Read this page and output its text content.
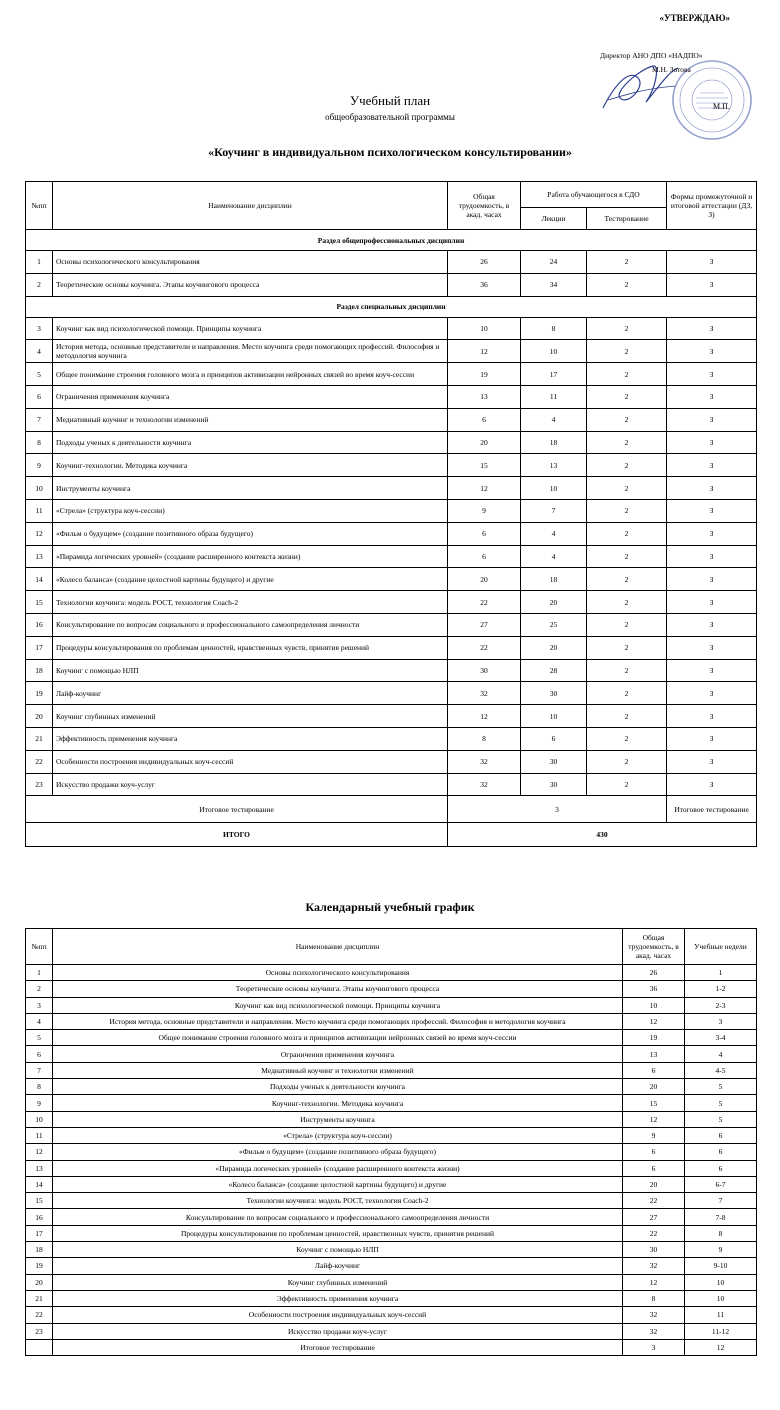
«УТВЕРЖДАЮ»
Директор АНО ДПО «НАДПО»
М.Н. Зотова
М.П.
Учебный план
общеобразовательной программы
«Коучинг в индивидуальном психологическом консультировании»
№пп	Наименование дисциплин	Общая трудоемкость, в акад. часах	Работа обучающегося в СДО		Формы промежуточной и итоговой аттестации (ДЗ, З)
			Лекции	Тестирование	
Раздел общепрофессиональных дисциплин					
1	Основы психологического консультирования	26	24	2	З
2	Теоретические основы коучинга. Этапы коучингового процесса	36	34	2	З
Раздел специальных дисциплин					
3	Коучинг как вид психологической помощи. Принципы коучинга	10	8	2	З
4	История метода, основные представители и направления. Место коучинга среди помогающих профессий. Философия и методология коучинга	12	10	2	З
5	Общее понимание строения головного мозга и принципов активизации нейронных связей во время коуч-сессии	19	17	2	З
6	Ограничения применения коучинга	13	11	2	З
7	Медиативный коучинг и технологии изменений	6	4	2	З
8	Подходы ученых к деятельности коучинга	20	18	2	З
9	Коучинг-технологии. Методика коучинга	15	13	2	З
10	Инструменты коучинга	12	10	2	З
11	«Стрела» (структура коуч-сессии)	9	7	2	З
12	«Фильм о будущем» (создание позитивного образа будущего)	6	4	2	З
13	«Пирамида логических уровней» (создание расширенного контекста жизни)	6	4	2	З
14	«Колесо баланса» (создание целостной картины будущего) и другие	20	18	2	З
15	Технологии коучинга: модель РОСТ, технология Coach-2	22	20	2	З
16	Консультирование по вопросам социального и профессионального самоопределения личности	27	25	2	З
17	Процедуры консультирования по проблемам ценностей, нравственных чувств, принятия решений	22	20	2	З
18	Коучинг с помощью НЛП	30	28	2	З
19	Лайф-коучинг	32	30	2	З
20	Коучинг глубинных изменений	12	10	2	З
21	Эффективность применения коучинга	8	6	2	З
22	Особенности построения индивидуальных коуч-сессий	32	30	2	З
23	Искусство продажи коуч-услуг	32	30	2	З
Итоговое тестирование		3			Итоговое тестирование
ИТОГО		430			
Календарный учебный график
№пп	Наименование дисциплин	Общая трудоемкость, в акад. часах	Учебные недели
1	Основы психологического консультирования	26	1
2	Теоретические основы коучинга. Этапы коучингового процесса	36	1-2
3	Коучинг как вид психологической помощи. Принципы коучинга	10	2-3
4	История метода, основные представители и направления. Место коучинга среди помогающих профессий. Философия и методология коучинга	12	3
5	Общее понимание строения головного мозга и принципов активизации нейронных связей во время коуч-сессии	19	3-4
6	Ограничения применения коучинга	13	4
7	Медиативный коучинг и технологии изменений	6	4-5
8	Подходы ученых к деятельности коучинга	20	5
9	Коучинг-технологии. Методика коучинга	15	5
10	Инструменты коучинга	12	5
11	«Стрела» (структура коуч-сессии)	9	6
12	«Фильм о будущем» (создание позитивного образа будущего)	6	6
13	«Пирамида логических уровней» (создание расширенного контекста жизни)	6	6
14	«Колесо баланса» (создание целостной картины будущего) и другие	20	6-7
15	Технологии коучинга: модель РОСТ, технология Coach-2	22	7
16	Консультирование по вопросам социального и профессионального самоопределения личности	27	7-8
17	Процедуры консультирования по проблемам ценностей, нравственных чувств, принятия решений	22	8
18	Коучинг с помощью НЛП	30	9
19	Лайф-коучинг	32	9-10
20	Коучинг глубинных изменений	12	10
21	Эффективность применения коучинга	8	10
22	Особенности построения индивидуальных коуч-сессий	32	11
23	Искусство продажи коуч-услуг	32	11-12
	Итоговое тестирование	3	12
